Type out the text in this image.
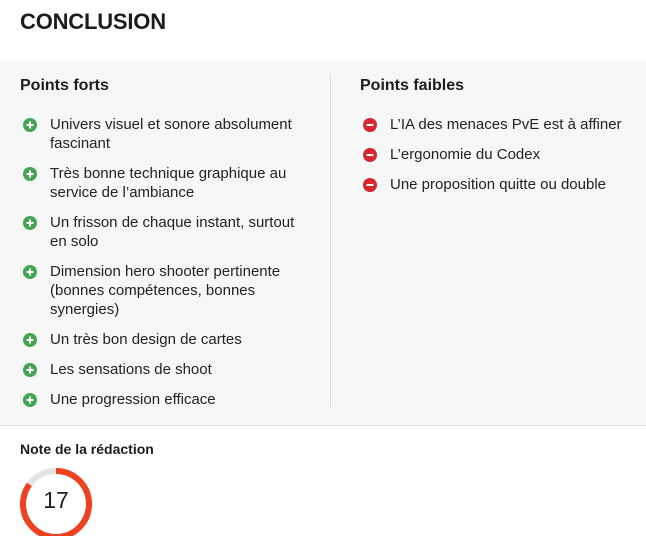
CONCLUSION
Points forts
Univers visuel et sonore absolument fascinant
Très bonne technique graphique au service de l’ambiance
Un frisson de chaque instant, surtout en solo
Dimension hero shooter pertinente (bonnes compétences, bonnes synergies)
Un très bon design de cartes
Les sensations de shoot
Une progression efficace
Points faibles
L’IA des menaces PvE est à affiner
L’ergonomie du Codex
Une proposition quitte ou double

Note de la rédaction

17
